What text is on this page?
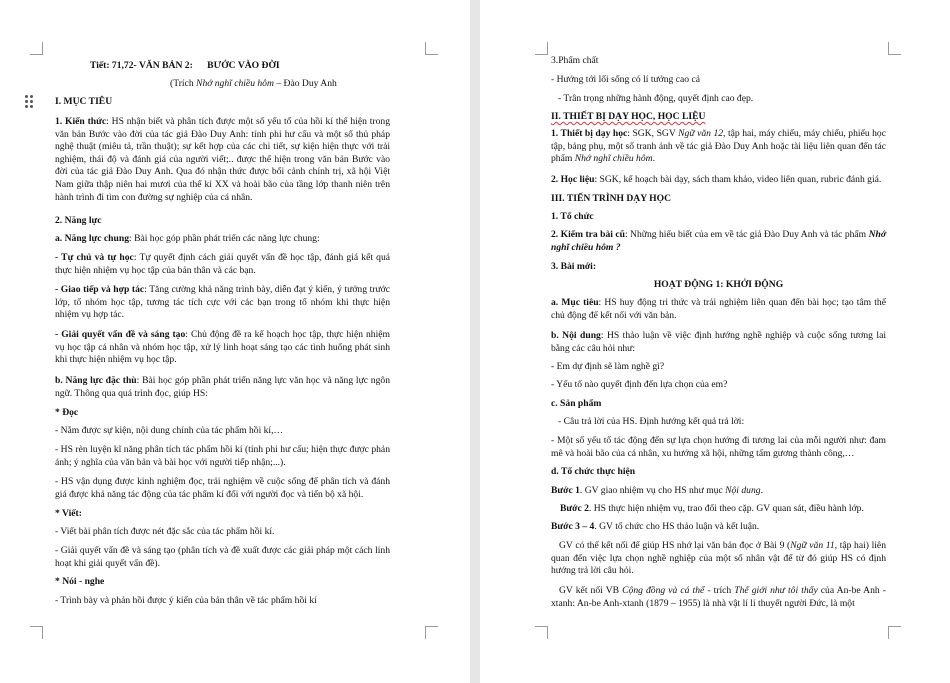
Tiết: 71,72- VĂN BẢN 2: BƯỚC VÀO ĐỜI
(Trích Nhớ nghĩ chiều hôm – Đào Duy Anh
I. MỤC TIÊU
1. Kiến thức: HS nhận biết và phân tích được một số yếu tố của hồi kí thể hiện trong văn bản Bước vào đời của tác giả Đào Duy Anh: tính phi hư cấu và một số thủ pháp nghệ thuật (miêu tả, trần thuật); sự kết hợp của các chi tiết, sự kiện hiện thực với trải nghiệm, thái độ và đánh giá của người viết;.. được thể hiện trong văn bản Bước vào đời của tác giả Đào Duy Anh. Qua đó nhận thức được bối cảnh chính trị, xã hội Việt Nam giữa thập niên hai mươi của thế kỉ XX và hoài bão của tầng lớp thanh niên trên hành trình đi tìm con đường sự nghiệp của cá nhân.
2. Năng lực
a. Năng lực chung: Bài học góp phần phát triển các năng lực chung:
- Tự chủ và tự học: Tự quyết định cách giải quyết vấn đề học tập, đánh giá kết quả thực hiện nhiệm vụ học tập của bản thân và các bạn.
- Giao tiếp và hợp tác: Tăng cường khả năng trình bày, diễn đạt ý kiến, ý tưởng trước lớp, tổ nhóm học tập, tương tác tích cực với các bạn trong tổ nhóm khi thực hiện nhiệm vụ hợp tác.
- Giải quyết vấn đề và sáng tạo: Chủ động đề ra kế hoạch học tập, thực hiện nhiệm vụ học tập cá nhân và nhóm học tập, xử lý linh hoạt sáng tạo các tình huống phát sinh khi thực hiện nhiệm vụ học tập.
b. Năng lực đặc thù: Bài học góp phần phát triển năng lực văn học và năng lực ngôn ngữ. Thông qua quá trình đọc, giúp HS:
* Đọc
- Nắm được sự kiện, nội dung chính của tác phẩm hồi kí,…
- HS rèn luyện kĩ năng phân tích tác phẩm hồi kí (tính phi hư cấu; hiện thực được phản ánh; ý nghĩa của văn bản và bài học với người tiếp nhận;...).
- HS vận dụng được kinh nghiệm đọc, trải nghiệm về cuộc sống để phân tích và đánh giá được khả năng tác động của tác phẩm kí đối với người đọc và tiến bộ xã hội.
* Viết:
- Viết bài phân tích được nét đặc sắc của tác phẩm hồi kí.
- Giải quyết vấn đề và sáng tạo (phân tích và đề xuất được các giải pháp một cách linh hoạt khi giải quyết vấn đề).
* Nói - nghe
- Trình bày và phản hồi được ý kiến của bản thân về tác phẩm hồi kí
3.Phẩm chất
- Hướng tới lối sống có lí tưởng cao cả
- Trân trọng những hành động, quyết định cao đẹp.
II. THIẾT BỊ DẠY HỌC, HỌC LIỆU
1. Thiết bị dạy học: SGK, SGV Ngữ văn 12, tập hai, máy chiếu, máy chiếu, phiếu học tập, bảng phụ, một số tranh ảnh về tác giả Đào Duy Anh hoặc tài liệu liên quan đến tác phẩm Nhớ nghĩ chiều hôm.
2. Học liệu: SGK, kế hoạch bài dạy, sách tham khảo, video liên quan, rubric đánh giá.
III. TIẾN TRÌNH DẠY HỌC
1. Tổ chức
2. Kiểm tra bài cũ: Những hiểu biết của em về tác giả Đào Duy Anh và tác phẩm Nhớ nghĩ chiều hôm ?
3. Bài mới:
HOẠT ĐỘNG 1: KHỞI ĐỘNG
a. Mục tiêu: HS huy động tri thức và trải nghiệm liên quan đến bài học; tạo tâm thế chủ động để kết nối với văn bản.
b. Nội dung: HS thảo luận về việc định hướng nghề nghiệp và cuộc sống tương lai bằng các câu hỏi như:
- Em dự định sẽ làm nghề gì?
- Yếu tố nào quyết định đến lựa chọn của em?
c. Sản phẩm
- Câu trả lời của HS. Định hướng kết quả trả lời:
- Một số yếu tố tác động đến sự lựa chọn hướng đi tương lai của mỗi người như: đam mê và hoài bão của cá nhân, xu hướng xã hội, những tấm gương thành công,…
d. Tổ chức thực hiện
Bước 1. GV giao nhiệm vụ cho HS như mục Nội dung.
Bước 2. HS thực hiện nhiệm vụ, trao đổi theo cặp. GV quan sát, điều hành lớp.
Bước 3 – 4. GV tổ chức cho HS thảo luận và kết luận.
GV có thể kết nối để giúp HS nhớ lại văn bản đọc ở Bài 9 (Ngữ văn 11, tập hai) liên quan đến việc lựa chọn nghề nghiệp của một số nhân vật để từ đó giúp HS có định hướng trả lời câu hỏi.
GV kết nối VB Cộng đồng và cá thể - trích Thế giới như tôi thấy của An-be Anh - xtanh: An-be Anh-xtanh (1879 – 1955) là nhà vật lí lí thuyết người Đức, là một
